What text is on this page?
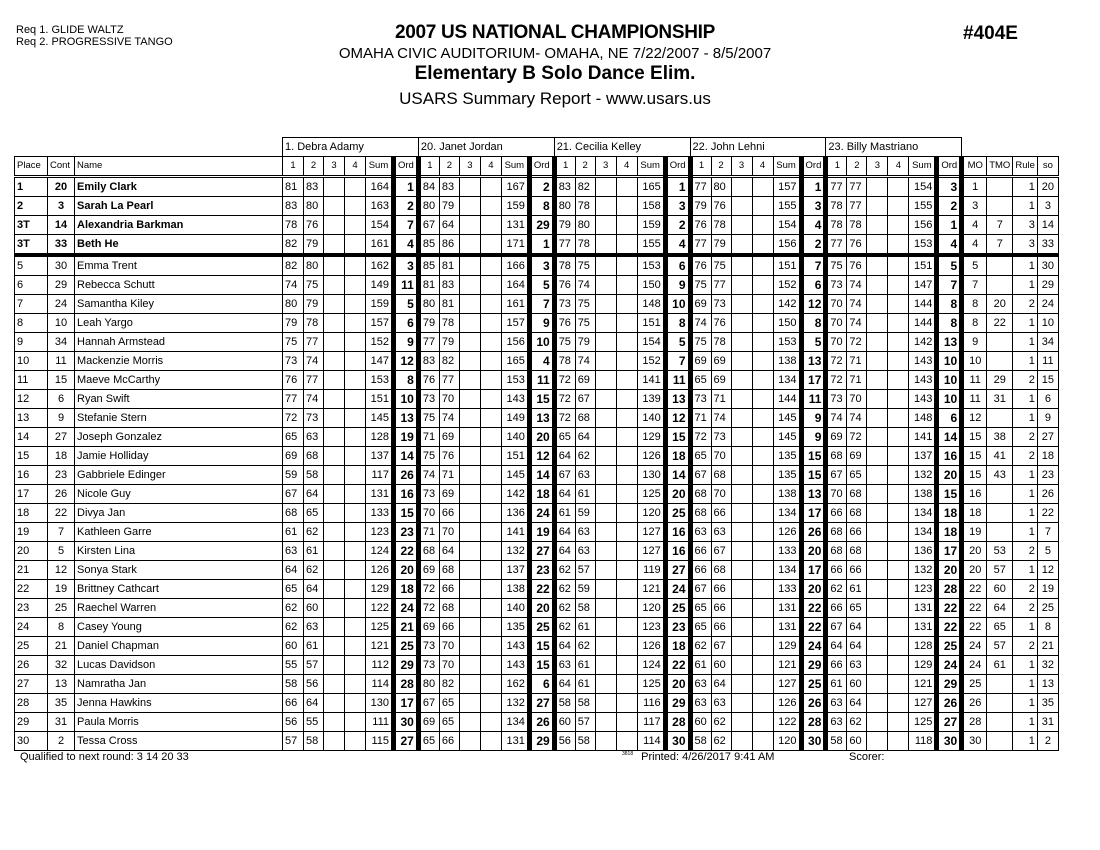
Req 1. GLIDE WALTZ
Req 2. PROGRESSIVE TANGO	2007 US NATIONAL CHAMPIONSHIP
OMAHA CIVIC AUDITORIUM- OMAHA, NE 7/22/2007 - 8/5/2007
Elementary B Solo Dance Elim.
USARS Summary Report - www.usars.us
#404E
			1. Debra Adamy						20. Janet Jordan						21. Cecilia Kelley						22. John Lehni						23. Billy Mastriano									
Place	Cont	Name	1	2	3	4	Sum	Ord	1	2	3	4	Sum	Ord	1	2	3	4	Sum	Ord	1	2	3	4	Sum	Ord	1	2	3	4	Sum	Ord	MO	TMO	Rule	so
1	20	Emily Clark	81	83			164	1	84	83			167	2	83	82			165	1	77	80			157	1	77	77			154	3	1		1	20
2	3	Sarah La Pearl	83	80			163	2	80	79			159	8	80	78			158	3	79	76			155	3	78	77			155	2	3		1	3
3T	14	Alexandria Barkman	78	76			154	7	67	64			131	29	79	80			159	2	76	78			154	4	78	78			156	1	4	7	3	14
3T	33	Beth He	82	79			161	4	85	86			171	1	77	78			155	4	77	79			156	2	77	76			153	4	4	7	3	33
5	30	Emma Trent	82	80			162	3	85	81			166	3	78	75			153	6	76	75			151	7	75	76			151	5	5		1	30
6	29	Rebecca Schutt	74	75			149	11	81	83			164	5	76	74			150	9	75	77			152	6	73	74			147	7	7		1	29
7	24	Samantha Kiley	80	79			159	5	80	81			161	7	73	75			148	10	69	73			142	12	70	74			144	8	8	20	2	24
8	10	Leah Yargo	79	78			157	6	79	78			157	9	76	75			151	8	74	76			150	8	70	74			144	8	8	22	1	10
9	34	Hannah Armstead	75	77			152	9	77	79			156	10	75	79			154	5	75	78			153	5	70	72			142	13	9		1	34
10	11	Mackenzie Morris	73	74			147	12	83	82			165	4	78	74			152	7	69	69			138	13	72	71			143	10	10		1	11
11	15	Maeve McCarthy	76	77			153	8	76	77			153	11	72	69			141	11	65	69			134	17	72	71			143	10	11	29	2	15
12	6	Ryan Swift	77	74			151	10	73	70			143	15	72	67			139	13	73	71			144	11	73	70			143	10	11	31	1	6
13	9	Stefanie Stern	72	73			145	13	75	74			149	13	72	68			140	12	71	74			145	9	74	74			148	6	12		1	9
14	27	Joseph Gonzalez	65	63			128	19	71	69			140	20	65	64			129	15	72	73			145	9	69	72			141	14	15	38	2	27
15	18	Jamie Holliday	69	68			137	14	75	76			151	12	64	62			126	18	65	70			135	15	68	69			137	16	15	41	2	18
16	23	Gabbriele Edinger	59	58			117	26	74	71			145	14	67	63			130	14	67	68			135	15	67	65			132	20	15	43	1	23
17	26	Nicole Guy	67	64			131	16	73	69			142	18	64	61			125	20	68	70			138	13	70	68			138	15	16		1	26
18	22	Divya Jan	68	65			133	15	70	66			136	24	61	59			120	25	68	66			134	17	66	68			134	18	18		1	22
19	7	Kathleen Garre	61	62			123	23	71	70			141	19	64	63			127	16	63	63			126	26	68	66			134	18	19		1	7
20	5	Kirsten Lina	63	61			124	22	68	64			132	27	64	63			127	16	66	67			133	20	68	68			136	17	20	53	2	5
21	12	Sonya Stark	64	62			126	20	69	68			137	23	62	57			119	27	66	68			134	17	66	66			132	20	20	57	1	12
22	19	Brittney Cathcart	65	64			129	18	72	66			138	22	62	59			121	24	67	66			133	20	62	61			123	28	22	60	2	19
23	25	Raechel Warren	62	60			122	24	72	68			140	20	62	58			120	25	65	66			131	22	66	65			131	22	22	64	2	25
24	8	Casey Young	62	63			125	21	69	66			135	25	62	61			123	23	65	66			131	22	67	64			131	22	22	65	1	8
25	21	Daniel Chapman	60	61			121	25	73	70			143	15	64	62			126	18	62	67			129	24	64	64			128	25	24	57	2	21
26	32	Lucas Davidson	55	57			112	29	73	70			143	15	63	61			124	22	61	60			121	29	66	63			129	24	24	61	1	32
27	13	Namratha Jan	58	56			114	28	80	82			162	6	64	61			125	20	63	64			127	25	61	60			121	29	25		1	13
28	35	Jenna Hawkins	66	64			130	17	67	65			132	27	58	58			116	29	63	63			126	26	63	64			127	26	26		1	35
29	31	Paula Morris	56	55			111	30	69	65			134	26	60	57			117	28	60	62			122	28	63	62			125	27	28		1	31
30	2	Tessa Cross	57	58			115	27	65	66			131	29	56	58			114	30	58	62			120	30	58	60			118	30	30		1	2
Qualified to next round: 3 14 20 33	$^{3818}$ Printed: 4/26/2017 9:41 AM	Scorer:
